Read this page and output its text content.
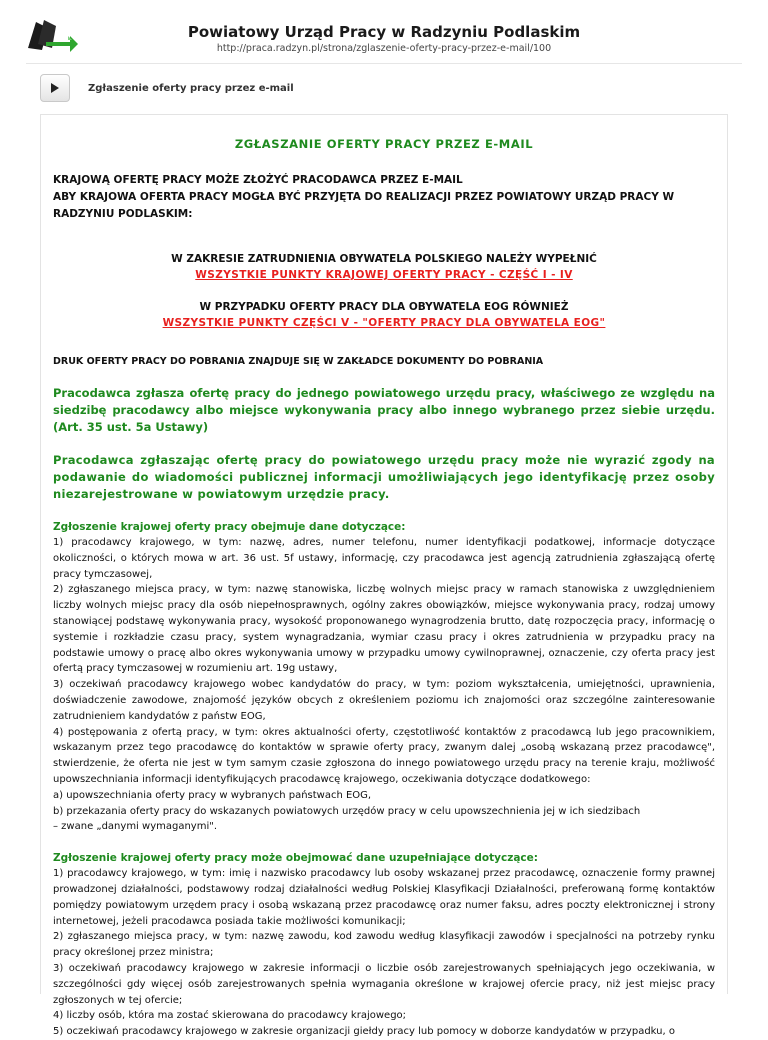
Powiatowy Urząd Pracy w Radzyniu Podlaskim
http://praca.radzyn.pl/strona/zglaszenie-oferty-pracy-przez-e-mail/100
Zgłaszenie oferty pracy przez e-mail
ZGŁASZANIE OFERTY PRACY PRZEZ E-MAIL
KRAJOWĄ OFERTĘ PRACY MOŻE ZŁOŻYĆ PRACODAWCA PRZEZ E-MAIL
ABY KRAJOWA OFERTA PRACY MOGŁA BYĆ PRZYJĘTA DO REALIZACJI PRZEZ POWIATOWY URZĄD PRACY W RADZYNIU PODLASKIM:
W ZAKRESIE ZATRUDNIENIA OBYWATELA POLSKIEGO NALEŻY WYPEŁNIĆ
WSZYSTKIE PUNKTY KRAJOWEJ OFERTY PRACY - CZĘŚĆ I - IV
W PRZYPADKU OFERTY PRACY DLA OBYWATELA EOG RÓWNIEŻ
WSZYSTKIE PUNKTY CZĘŚCI V - "OFERTY PRACY DLA OBYWATELA EOG"
DRUK OFERTY PRACY DO POBRANIA ZNAJDUJE SIĘ W ZAKŁADCE DOKUMENTY DO POBRANIA
Pracodawca zgłasza ofertę pracy do jednego powiatowego urzędu pracy, właściwego ze względu na siedzibę pracodawcy albo miejsce wykonywania pracy albo innego wybranego przez siebie urzędu. (Art. 35 ust. 5a Ustawy)
Pracodawca zgłaszając ofertę pracy do powiatowego urzędu pracy może nie wyrazić zgody na podawanie do wiadomości publicznej informacji umożliwiających jego identyfikację przez osoby niezarejestrowane w powiatowym urzędzie pracy.
Zgłoszenie krajowej oferty pracy obejmuje dane dotyczące:

1) pracodawcy krajowego, w tym: nazwę, adres, numer telefonu, numer identyfikacji podatkowej, informacje dotyczące okoliczności, o których mowa w art. 36 ust. 5f ustawy, informację, czy pracodawca jest agencją zatrudnienia zgłaszającą ofertę pracy tymczasowej,

2) zgłaszanego miejsca pracy, w tym: nazwę stanowiska, liczbę wolnych miejsc pracy w ramach stanowiska z uwzględnieniem liczby wolnych miejsc pracy dla osób niepełnosprawnych, ogólny zakres obowiązków, miejsce wykonywania pracy, rodzaj umowy stanowiącej podstawę wykonywania pracy, wysokość proponowanego wynagrodzenia brutto, datę rozpoczęcia pracy, informację o systemie i rozkładzie czasu pracy, system wynagradzania, wymiar czasu pracy i okres zatrudnienia w przypadku pracy na podstawie umowy o pracę albo okres wykonywania umowy w przypadku umowy cywilnoprawnej, oznaczenie, czy oferta pracy jest ofertą pracy tymczasowej w rozumieniu art. 19g ustawy,

3) oczekiwań pracodawcy krajowego wobec kandydatów do pracy, w tym: poziom wykształcenia, umiejętności, uprawnienia, doświadczenie zawodowe, znajomość języków obcych z określeniem poziomu ich znajomości oraz szczególne zainteresowanie zatrudnieniem kandydatów z państw EOG,

4) postępowania z ofertą pracy, w tym: okres aktualności oferty, częstotliwość kontaktów z pracodawcą lub jego pracownikiem, wskazanym przez tego pracodawcę do kontaktów w sprawie oferty pracy, zwanym dalej „osobą wskazaną przez pracodawcę", stwierdzenie, że oferta nie jest w tym samym czasie zgłoszona do innego powiatowego urzędu pracy na terenie kraju, możliwość upowszechniania informacji identyfikujących pracodawcę krajowego, oczekiwania dotyczące dodatkowego:

a) upowszechniania oferty pracy w wybranych państwach EOG,

b) przekazania oferty pracy do wskazanych powiatowych urzędów pracy w celu upowszechnienia jej w ich siedzibach

– zwane „danymi wymaganymi".

Zgłoszenie krajowej oferty pracy może obejmować dane uzupełniające dotyczące:

1) pracodawcy krajowego, w tym: imię i nazwisko pracodawcy lub osoby wskazanej przez pracodawcę, oznaczenie formy prawnej prowadzonej działalności, podstawowy rodzaj działalności według Polskiej Klasyfikacji Działalności, preferowaną formę kontaktów pomiędzy powiatowym urzędem pracy i osobą wskazaną przez pracodawcę oraz numer faksu, adres poczty elektronicznej i strony internetowej, jeżeli pracodawca posiada takie możliwości komunikacji;

2) zgłaszanego miejsca pracy, w tym: nazwę zawodu, kod zawodu według klasyfikacji zawodów i specjalności na potrzeby rynku pracy określonej przez ministra;

3) oczekiwań pracodawcy krajowego w zakresie informacji o liczbie osób zarejestrowanych spełniających jego oczekiwania, w szczególności gdy więcej osób zarejestrowanych spełnia wymagania określone w krajowej ofercie pracy, niż jest miejsc pracy zgłoszonych w tej ofercie;

4) liczby osób, która ma zostać skierowana do pracodawcy krajowego;

5) oczekiwań pracodawcy krajowego w zakresie organizacji giełdy pracy lub pomocy w doborze kandydatów w przypadku, o
